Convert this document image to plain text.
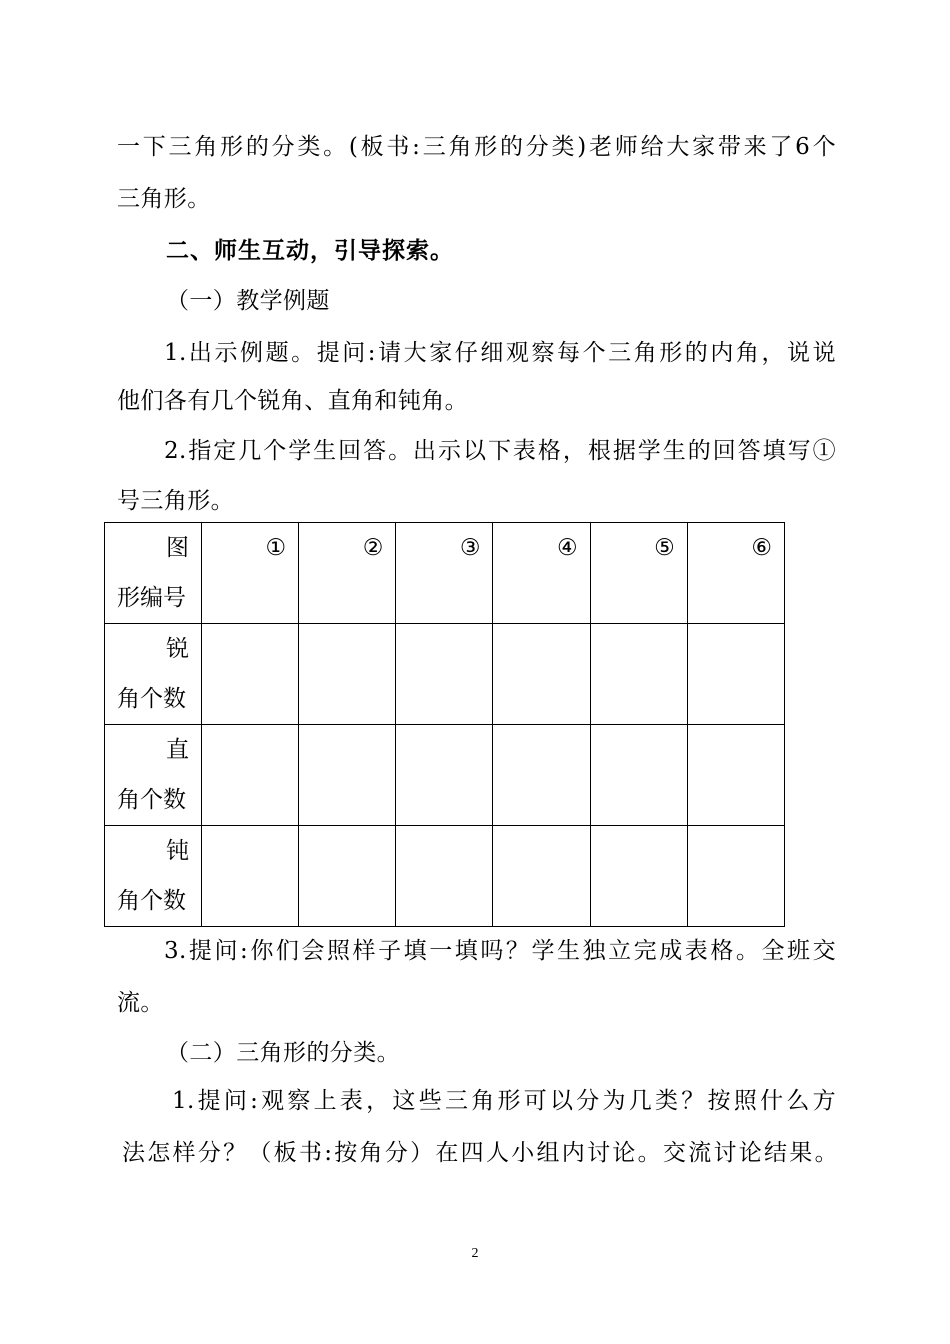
一下三角形的分类。(板书:三角形的分类)老师给大家带来了6个
三角形。
二、师生互动，引导探索。
（一）教学例题
1.出示例题。提问:请大家仔细观察每个三角形的内角，说说
他们各有几个锐角、直角和钝角。
2.指定几个学生回答。出示以下表格，根据学生的回答填写①
号三角形。
图
形编号	①	②	③	④	⑤	⑥

锐
角个数						

直
角个数						

钝
角个数						

3.提问:你们会照样子填一填吗？学生独立完成表格。全班交
流。
（二）三角形的分类。
1.提问:观察上表，这些三角形可以分为几类？按照什么方
法怎样分？（板书:按角分）在四人小组内讨论。交流讨论结果。
2
